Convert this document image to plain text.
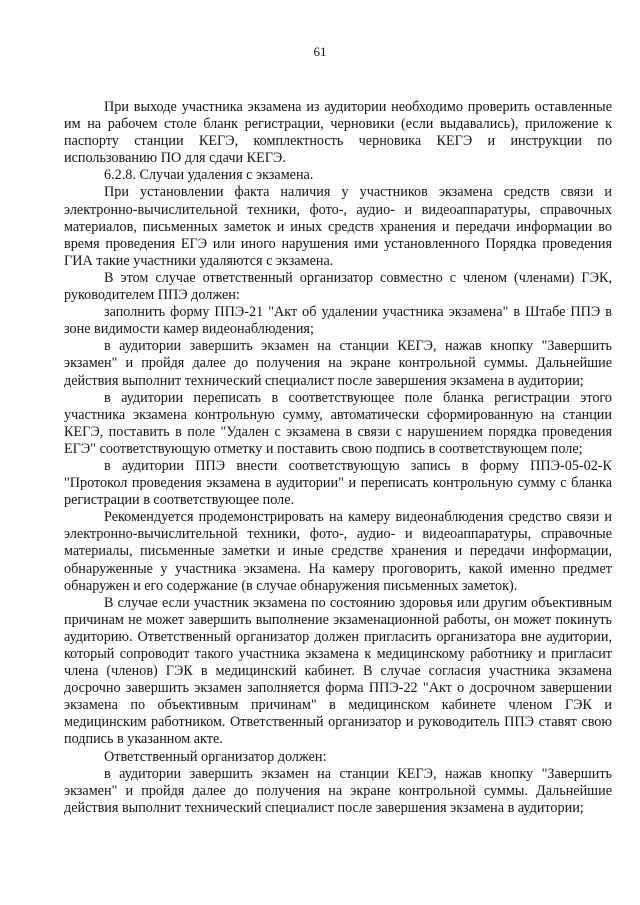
61

При выходе участника экзамена из аудитории необходимо проверить оставленные им на рабочем столе бланк регистрации, черновики (если выдавались), приложение к паспорту станции КЕГЭ, комплектность черновика КЕГЭ и инструкции по использованию ПО для сдачи КЕГЭ.

6.2.8. Случаи удаления с экзамена.

При установлении факта наличия у участников экзамена средств связи и электронно-вычислительной техники, фото-, аудио- и видеоаппаратуры, справочных материалов, письменных заметок и иных средств хранения и передачи информации во время проведения ЕГЭ или иного нарушения ими установленного Порядка проведения ГИА такие участники удаляются с экзамена.

В этом случае ответственный организатор совместно с членом (членами) ГЭК, руководителем ППЭ должен:

заполнить форму ППЭ-21 "Акт об удалении участника экзамена" в Штабе ППЭ в зоне видимости камер видеонаблюдения;

в аудитории завершить экзамен на станции КЕГЭ, нажав кнопку "Завершить экзамен" и пройдя далее до получения на экране контрольной суммы. Дальнейшие действия выполнит технический специалист после завершения экзамена в аудитории;

в аудитории переписать в соответствующее поле бланка регистрации этого участника экзамена контрольную сумму, автоматически сформированную на станции КЕГЭ, поставить в поле "Удален с экзамена в связи с нарушением порядка проведения ЕГЭ" соответствующую отметку и поставить свою подпись в соответствующем поле;

в аудитории ППЭ внести соответствующую запись в форму ППЭ-05-02-К "Протокол проведения экзамена в аудитории" и переписать контрольную сумму с бланка регистрации в соответствующее поле.

Рекомендуется продемонстрировать на камеру видеонаблюдения средство связи и электронно-вычислительной техники, фото-, аудио- и видеоаппаратуры, справочные материалы, письменные заметки и иные средстве хранения и передачи информации, обнаруженные у участника экзамена. На камеру проговорить, какой именно предмет обнаружен и его содержание (в случае обнаружения письменных заметок).

В случае если участник экзамена по состоянию здоровья или другим объективным причинам не может завершить выполнение экзаменационной работы, он может покинуть аудиторию. Ответственный организатор должен пригласить организатора вне аудитории, который сопроводит такого участника экзамена к медицинскому работнику и пригласит члена (членов) ГЭК в медицинский кабинет. В случае согласия участника экзамена досрочно завершить экзамен заполняется форма ППЭ-22 "Акт о досрочном завершении экзамена по объективным причинам" в медицинском кабинете членом ГЭК и медицинским работником. Ответственный организатор и руководитель ППЭ ставят свою подпись в указанном акте.

Ответственный организатор должен:

в аудитории завершить экзамен на станции КЕГЭ, нажав кнопку "Завершить экзамен" и пройдя далее до получения на экране контрольной суммы. Дальнейшие действия выполнит технический специалист после завершения экзамена в аудитории;
